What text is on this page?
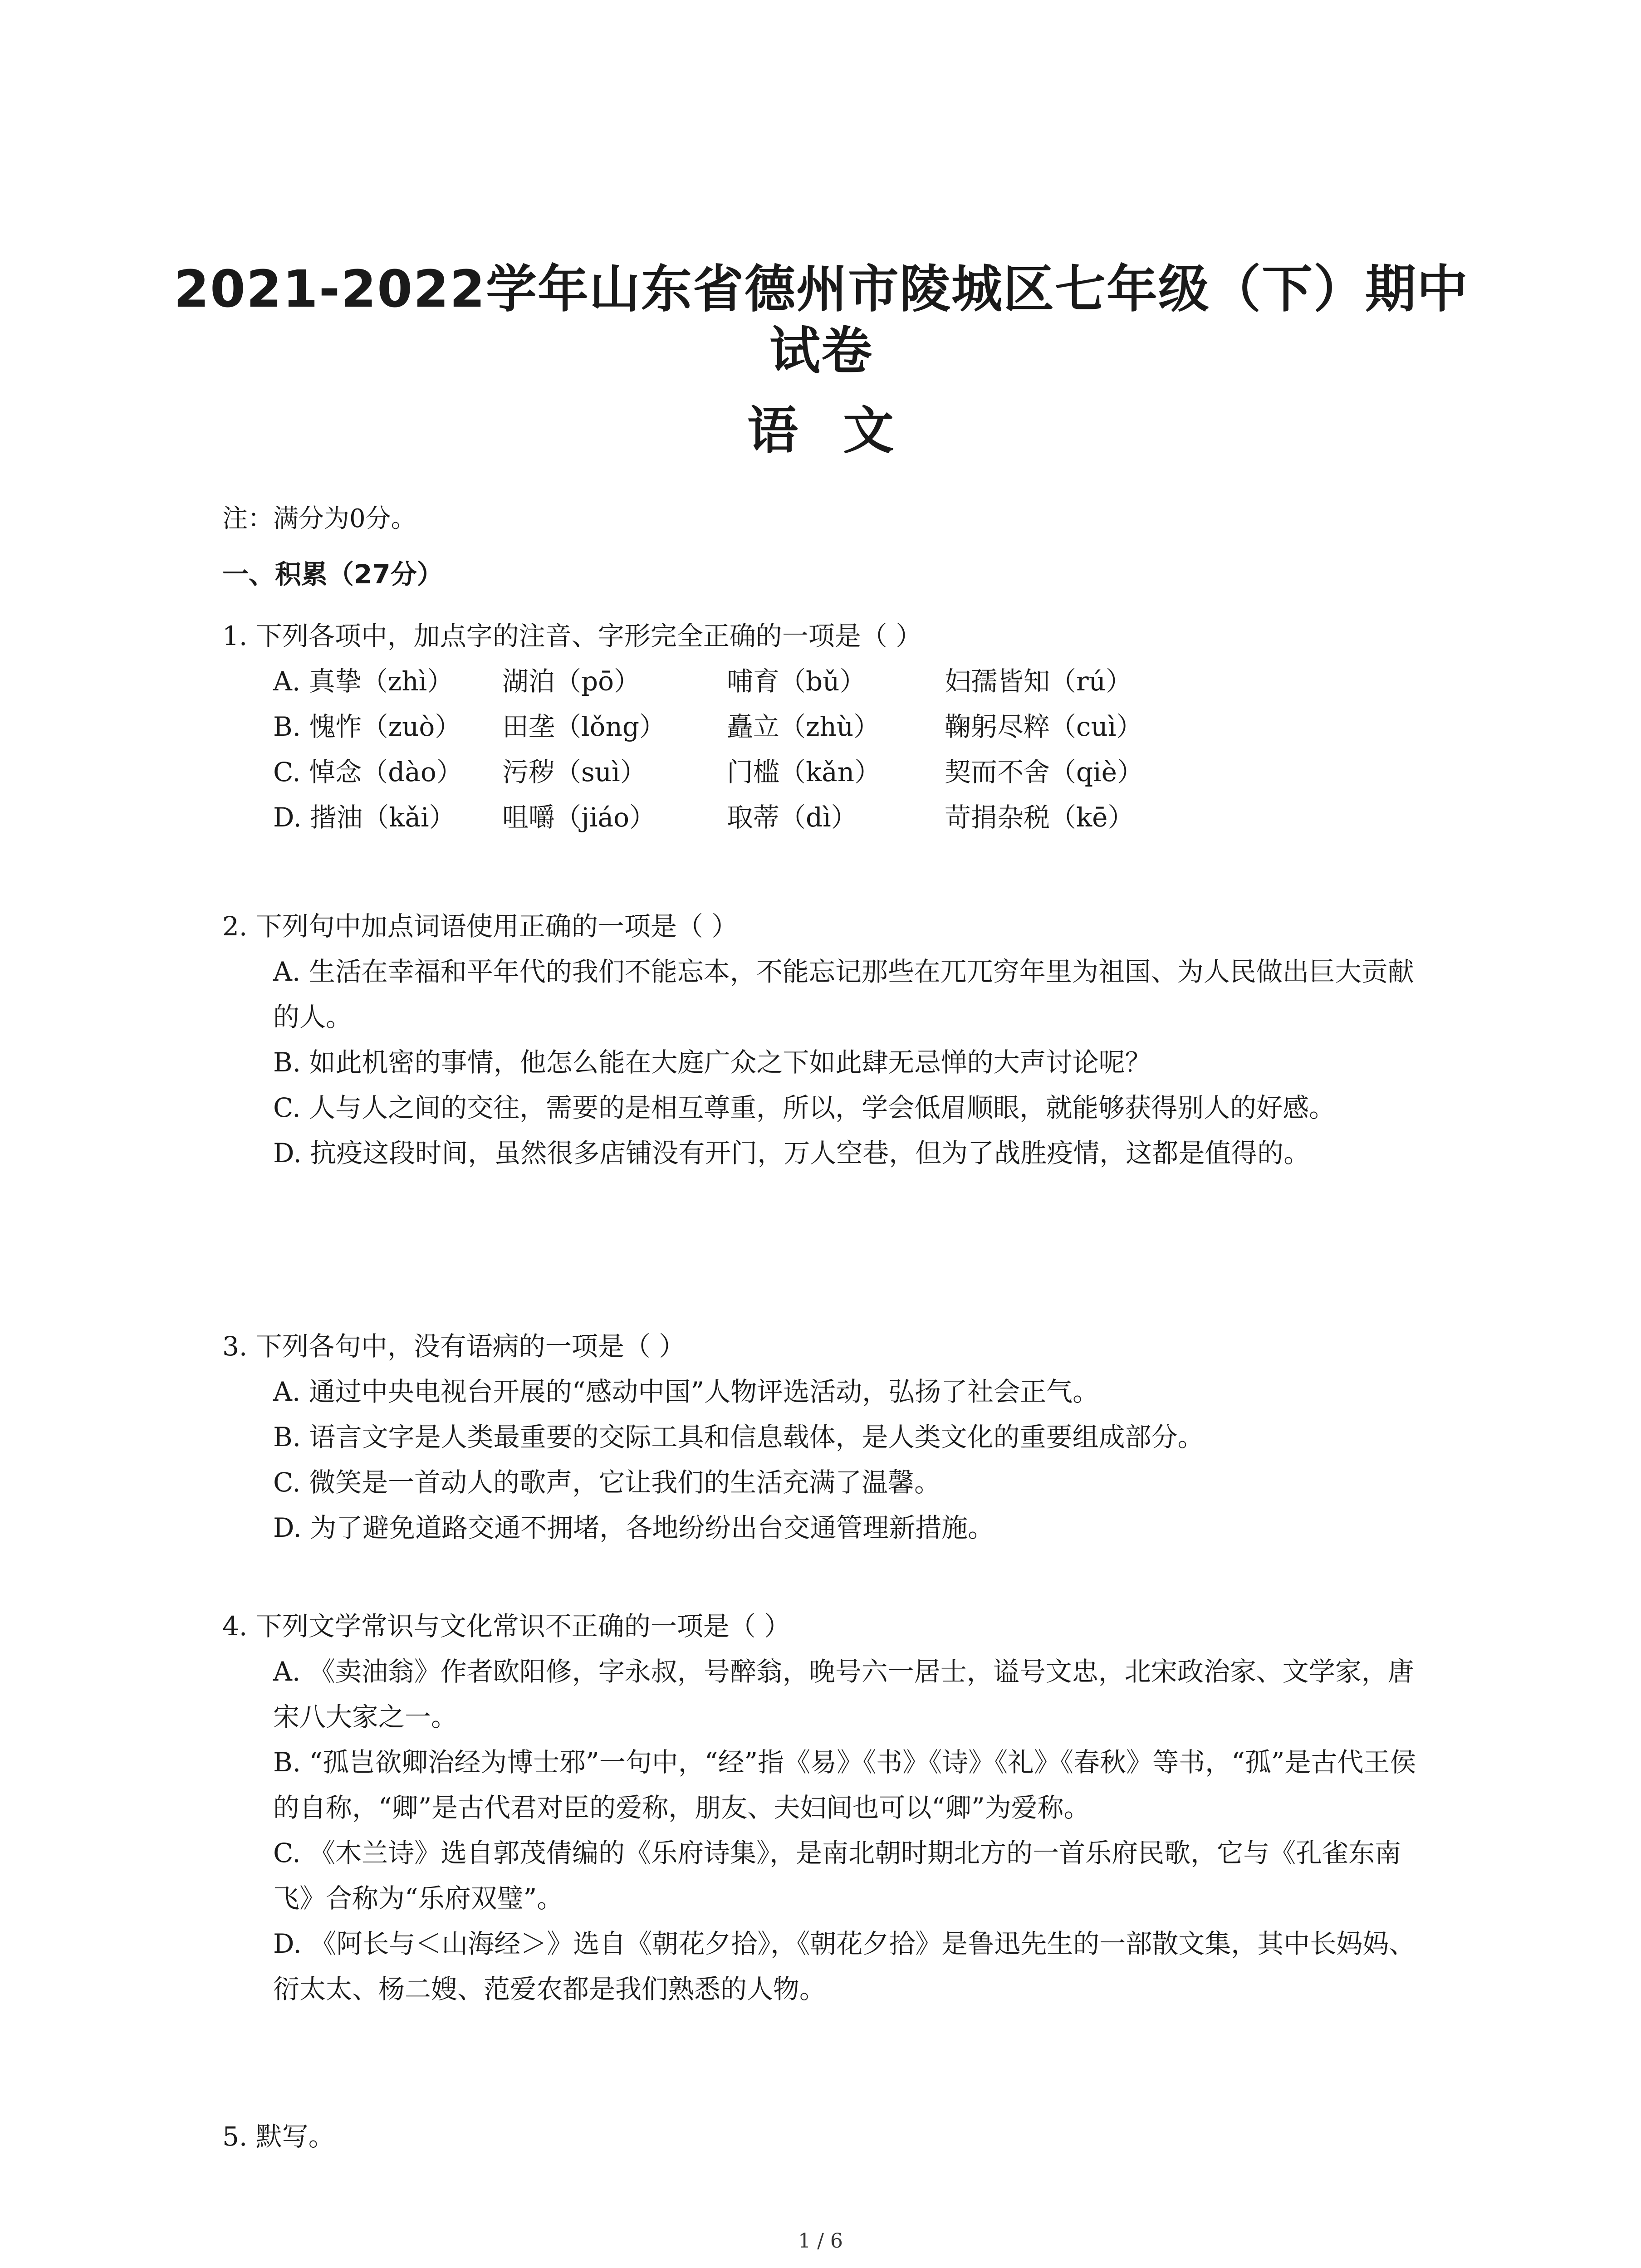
2021-2022学年山东省德州市陵城区七年级（下）期中试卷
语 文
注：满分为0分。
一、积累（27分）
1. 下列各项中，加点字的注音、字形完全正确的一项是（ ）
A. 真挚（zhì）	湖泊（pō）	哺育（bǔ）	妇孺皆知（rú）
B. 愧怍（zuò）	田垄（lǒng）	矗立（zhù）	鞠躬尽粹（cuì）
C. 悼念（dào）	污秽（suì）	门槛（kǎn）	契而不舍（qiè）
D. 揩油（kǎi）	咀嚼（jiáo）	取蒂（dì）	苛捐杂税（kē）
2. 下列句中加点词语使用正确的一项是（ ）
A. 生活在幸福和平年代的我们不能忘本，不能忘记那些在兀兀穷年里为祖国、为人民做出巨大贡献的人。
B. 如此机密的事情，他怎么能在大庭广众之下如此肆无忌惮的大声讨论呢？
C. 人与人之间的交往，需要的是相互尊重，所以，学会低眉顺眼，就能够获得别人的好感。
D. 抗疫这段时间，虽然很多店铺没有开门，万人空巷，但为了战胜疫情，这都是值得的。
3. 下列各句中，没有语病的一项是（ ）
A. 通过中央电视台开展的“感动中国”人物评选活动，弘扬了社会正气。
B. 语言文字是人类最重要的交际工具和信息载体，是人类文化的重要组成部分。
C. 微笑是一首动人的歌声，它让我们的生活充满了温馨。
D. 为了避免道路交通不拥堵，各地纷纷出台交通管理新措施。
4. 下列文学常识与文化常识不正确的一项是（ ）
A. 《卖油翁》作者欧阳修，字永叔，号醉翁，晚号六一居士，谥号文忠，北宋政治家、文学家，唐宋八大家之一。
B. “孤岂欲卿治经为博士邪”一句中，“经”指《易》《书》《诗》《礼》《春秋》等书，“孤”是古代王侯的自称，“卿”是古代君对臣的爱称，朋友、夫妇间也可以“卿”为爱称。
C. 《木兰诗》选自郭茂倩编的《乐府诗集》，是南北朝时期北方的一首乐府民歌，它与《孔雀东南飞》合称为“乐府双璧”。
D. 《阿长与＜山海经＞》选自《朝花夕拾》，《朝花夕拾》是鲁迅先生的一部散文集，其中长妈妈、衍太太、杨二嫂、范爱农都是我们熟悉的人物。
5. 默写。
1 / 6
